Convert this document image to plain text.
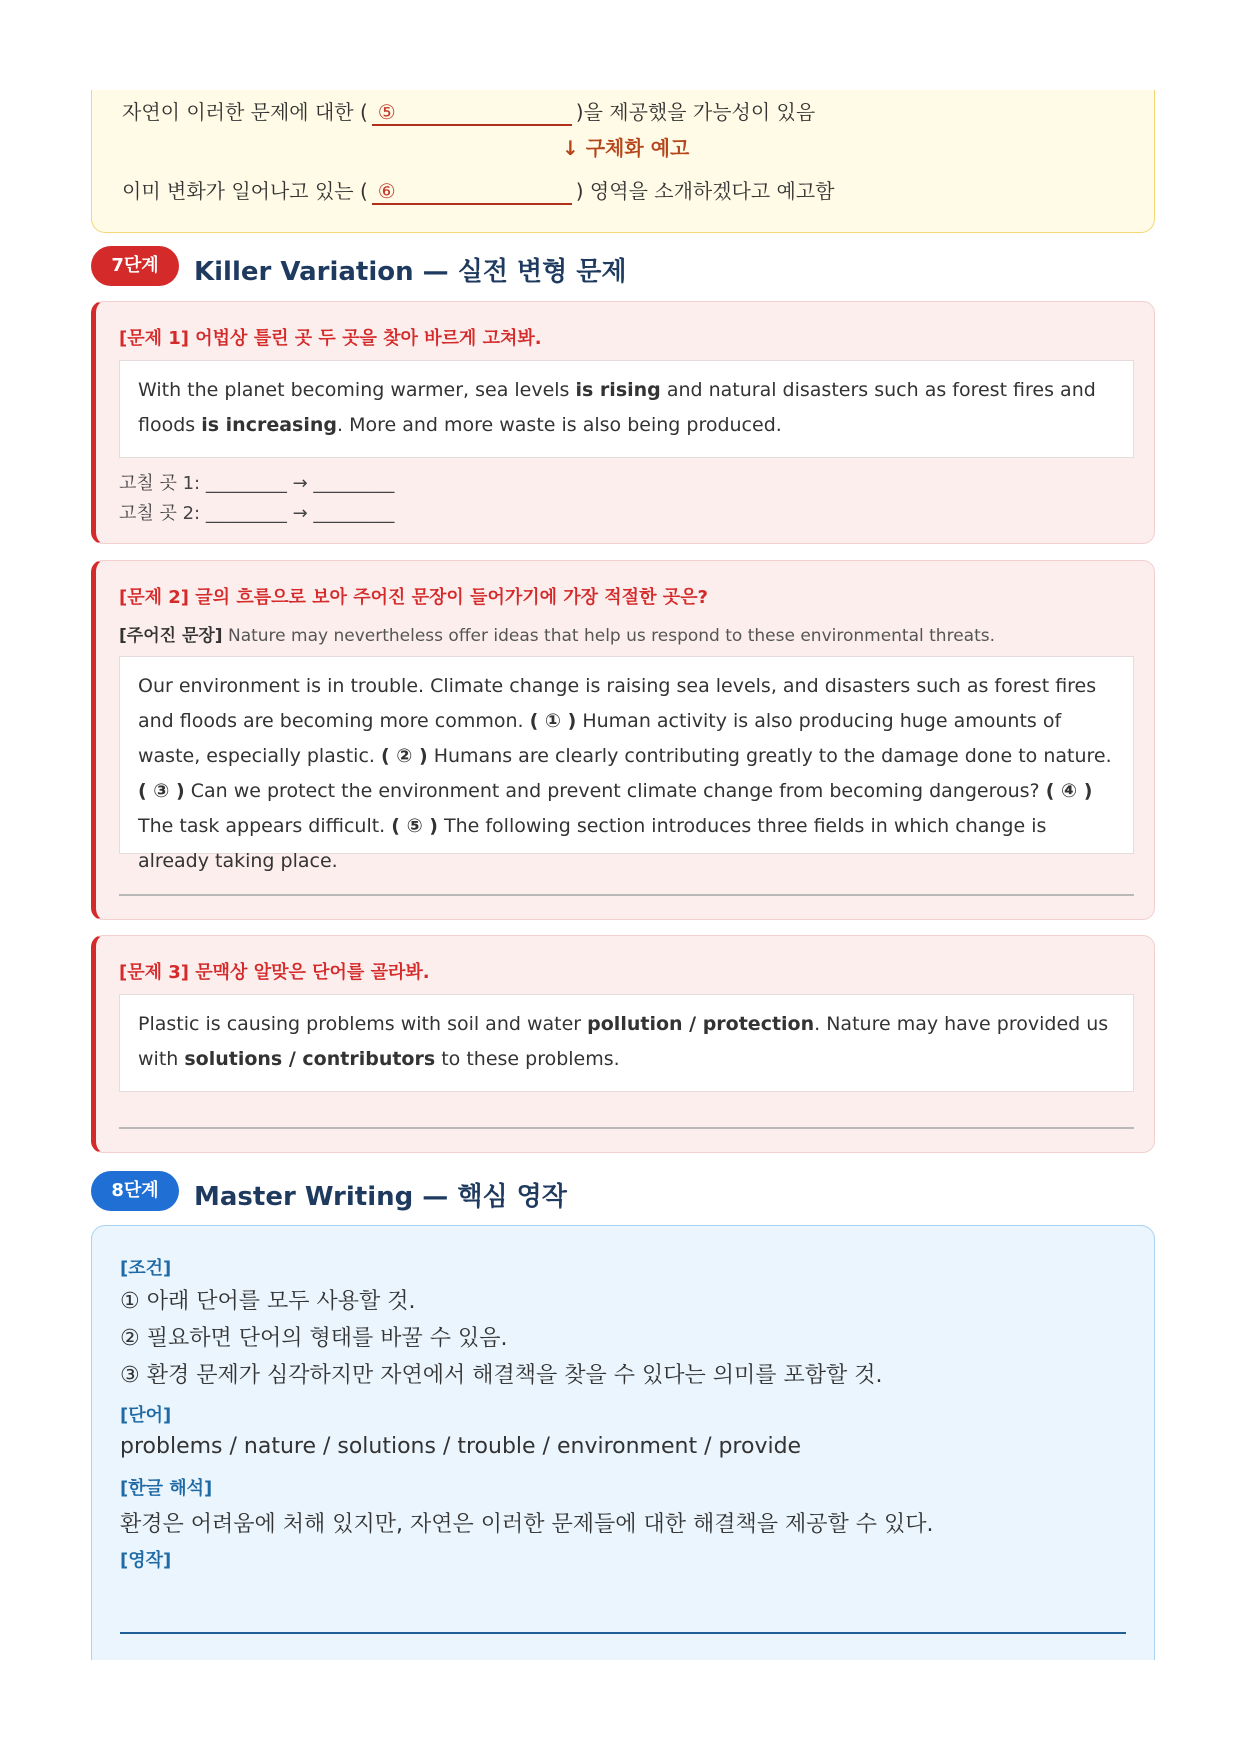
자연이 이러한 문제에 대한 ( ⑤	)을 제공했을 가능성이 있음
↓ 구체화 예고
이미 변화가 일어나고 있는 ( ⑥	) 영역을 소개하겠다고 예고함
7단계	Killer Variation — 실전 변형 문제
[문제 1] 어법상 틀린 곳 두 곳을 찾아 바르게 고쳐봐.
With the planet becoming warmer, sea levels is rising and natural disasters such as forest fires and floods is increasing. More and more waste is also being produced.
고칠 곳 1: _________ → _________
고칠 곳 2: _________ → _________
[문제 2] 글의 흐름으로 보아 주어진 문장이 들어가기에 가장 적절한 곳은?
[주어진 문장] Nature may nevertheless offer ideas that help us respond to these environmental threats.
Our environment is in trouble. Climate change is raising sea levels, and disasters such as forest fires and floods are becoming more common. ( ① ) Human activity is also producing huge amounts of waste, especially plastic. ( ② ) Humans are clearly contributing greatly to the damage done to nature. ( ③ ) Can we protect the environment and prevent climate change from becoming dangerous? ( ④ ) The task appears difficult. ( ⑤ ) The following section introduces three fields in which change is already taking place.
[문제 3] 문맥상 알맞은 단어를 골라봐.
Plastic is causing problems with soil and water pollution / protection. Nature may have provided us with solutions / contributors to these problems.
8단계	Master Writing — 핵심 영작
[조건]
① 아래 단어를 모두 사용할 것.
② 필요하면 단어의 형태를 바꿀 수 있음.
③ 환경 문제가 심각하지만 자연에서 해결책을 찾을 수 있다는 의미를 포함할 것.
[단어]
problems / nature / solutions / trouble / environment / provide
[한글 해석]
환경은 어려움에 처해 있지만, 자연은 이러한 문제들에 대한 해결책을 제공할 수 있다.
[영작]
